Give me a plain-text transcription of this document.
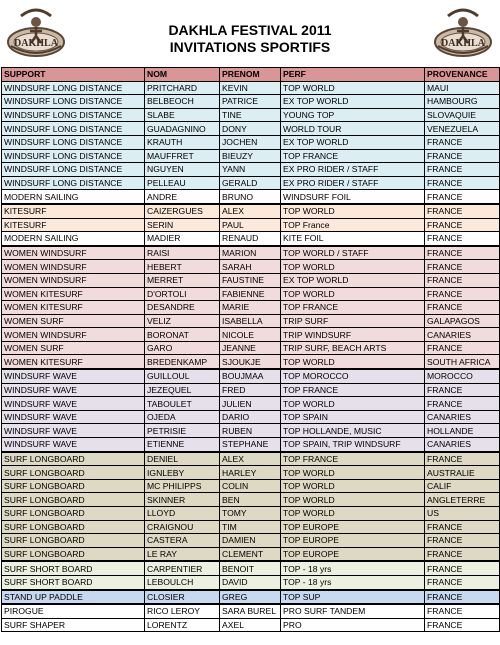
DAKHLA	DAKHLA
DAKHLA FESTIVAL 2011
INVITATIONS SPORTIFS
SUPPORT	NOM	PRENOM	PERF	PROVENANCE
WINDSURF LONG DISTANCE	PRITCHARD	KEVIN	TOP WORLD	MAUI
WINDSURF LONG DISTANCE	BELBEOCH	PATRICE	EX TOP WORLD	HAMBOURG
WINDSURF LONG DISTANCE	SLABE	TINE	YOUNG TOP	SLOVAQUIE
WINDSURF LONG DISTANCE	GUADAGNINO	DONY	WORLD TOUR	VENEZUELA
WINDSURF LONG DISTANCE	KRAUTH	JOCHEN	EX TOP WORLD	FRANCE
WINDSURF LONG DISTANCE	MAUFFRET	BIEUZY	TOP FRANCE	FRANCE
WINDSURF LONG DISTANCE	NGUYEN	YANN	EX PRO RIDER / STAFF	FRANCE
WINDSURF LONG DISTANCE	PELLEAU	GERALD	EX PRO RIDER / STAFF	FRANCE
MODERN SAILING	ANDRE	BRUNO	WINDSURF FOIL	FRANCE
KITESURF	CAIZERGUES	ALEX	TOP WORLD	FRANCE
KITESURF	SERIN	PAUL	TOP France	FRANCE
MODERN SAILING	MADIER	RENAUD	KITE FOIL	FRANCE
WOMEN WINDSURF	RAISI	MARION	TOP WORLD / STAFF	FRANCE
WOMEN WINDSURF	HEBERT	SARAH	TOP WORLD	FRANCE
WOMEN WINDSURF	MERRET	FAUSTINE	EX TOP WORLD	FRANCE
WOMEN KITESURF	D'ORTOLI	FABIENNE	TOP WORLD	FRANCE
WOMEN KITESURF	DESANDRE	MARIE	TOP FRANCE	FRANCE
WOMEN SURF	VELIZ	ISABELLA	TRIP SURF	GALAPAGOS
WOMEN WINDSURF	BORONAT	NICOLE	TRIP WINDSURF	CANARIES
WOMEN SURF	GARO	JEANNE	TRIP SURF, BEACH ARTS	FRANCE
WOMEN KITESURF	BREDENKAMP	SJOUKJE	TOP WORLD	SOUTH AFRICA
WINDSURF WAVE	GUILLOUL	BOUJMAA	TOP MOROCCO	MOROCCO
WINDSURF WAVE	JEZEQUEL	FRED	TOP FRANCE	FRANCE
WINDSURF WAVE	TABOULET	JULIEN	TOP WORLD	FRANCE
WINDSURF WAVE	OJEDA	DARIO	TOP SPAIN	CANARIES
WINDSURF WAVE	PETRISIE	RUBEN	TOP HOLLANDE, MUSIC	HOLLANDE
WINDSURF WAVE	ETIENNE	STEPHANE	TOP SPAIN, TRIP WINDSURF	CANARIES
SURF LONGBOARD	DENIEL	ALEX	TOP FRANCE	FRANCE
SURF LONGBOARD	IGNLEBY	HARLEY	TOP WORLD	AUSTRALIE
SURF LONGBOARD	MC PHILIPPS	COLIN	TOP WORLD	CALIF
SURF LONGBOARD	SKINNER	BEN	TOP WORLD	ANGLETERRE
SURF LONGBOARD	LLOYD	TOMY	TOP WORLD	US
SURF LONGBOARD	CRAIGNOU	TIM	TOP EUROPE	FRANCE
SURF LONGBOARD	CASTERA	DAMIEN	TOP EUROPE	FRANCE
SURF LONGBOARD	LE RAY	CLEMENT	TOP EUROPE	FRANCE
SURF SHORT BOARD	CARPENTIER	BENOIT	TOP - 18 yrs	FRANCE
SURF SHORT BOARD	LEBOULCH	DAVID	TOP - 18 yrs	FRANCE
STAND UP PADDLE	CLOSIER	GREG	TOP SUP	FRANCE
PIROGUE	RICO LEROY	SARA BUREL	PRO SURF TANDEM	FRANCE
SURF SHAPER	LORENTZ	AXEL	PRO	FRANCE
